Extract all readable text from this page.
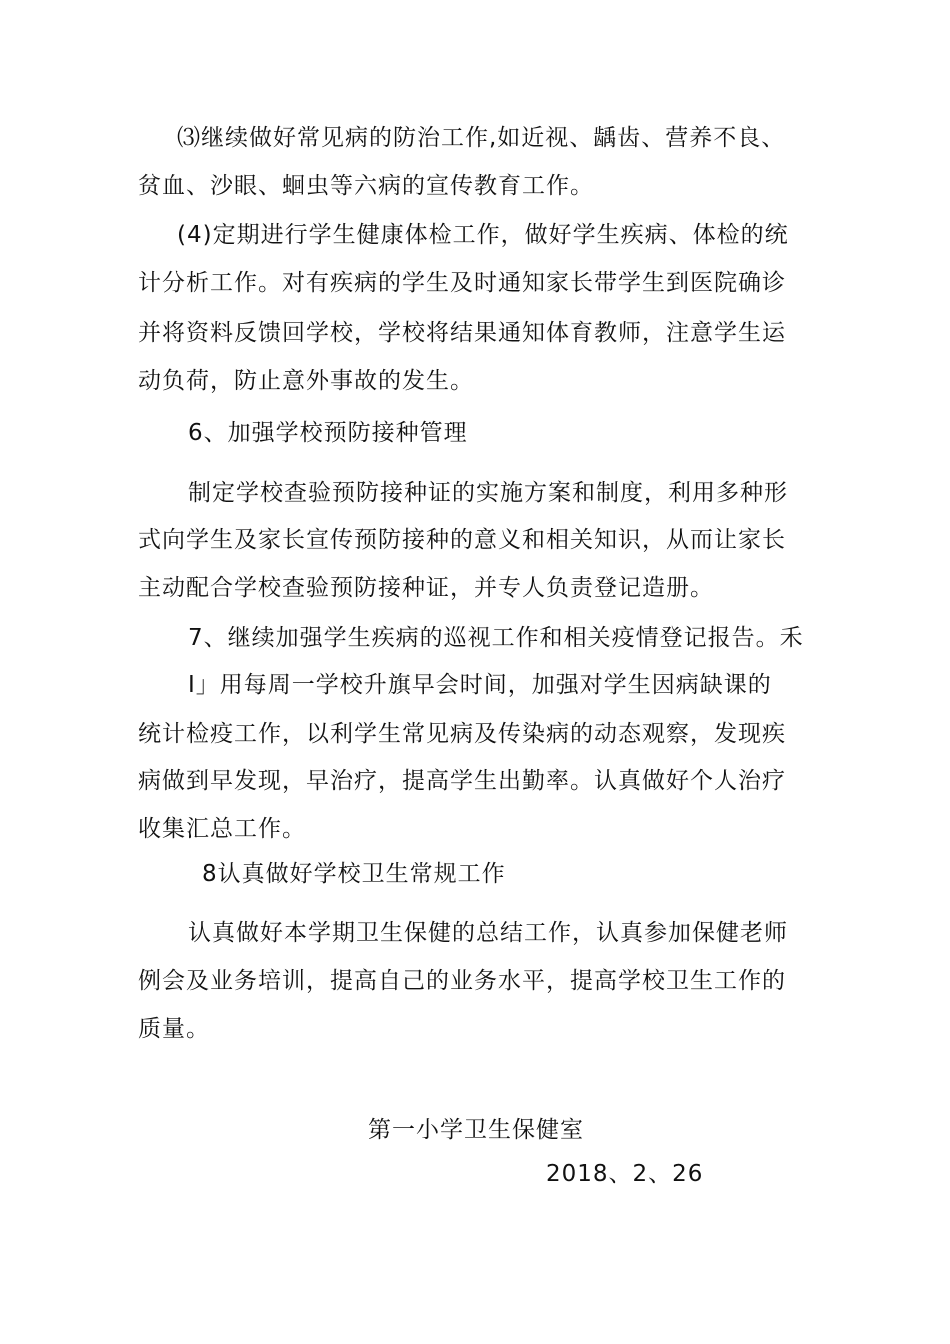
⑶继续做好常见病的防治工作,如近视、龋齿、营养不良、
贫血、沙眼、蛔虫等六病的宣传教育工作。
(4)定期进行学生健康体检工作，做好学生疾病、体检的统
计分析工作。对有疾病的学生及时通知家长带学生到医院确诊
并将资料反馈回学校，学校将结果通知体育教师，注意学生运
动负荷，防止意外事故的发生。
6、加强学校预防接种管理
制定学校查验预防接种证的实施方案和制度，利用多种形
式向学生及家长宣传预防接种的意义和相关知识，从而让家长
主动配合学校查验预防接种证，并专人负责登记造册。
7、继续加强学生疾病的巡视工作和相关疫情登记报告。禾
I」用每周一学校升旗早会时间，加强对学生因病缺课的
统计检疫工作，以利学生常见病及传染病的动态观察，发现疾
病做到早发现，早治疗，提高学生出勤率。认真做好个人治疗
收集汇总工作。
8认真做好学校卫生常规工作
认真做好本学期卫生保健的总结工作，认真参加保健老师
例会及业务培训，提高自己的业务水平，提高学校卫生工作的
质量。
第一小学卫生保健室
2018、2、26
